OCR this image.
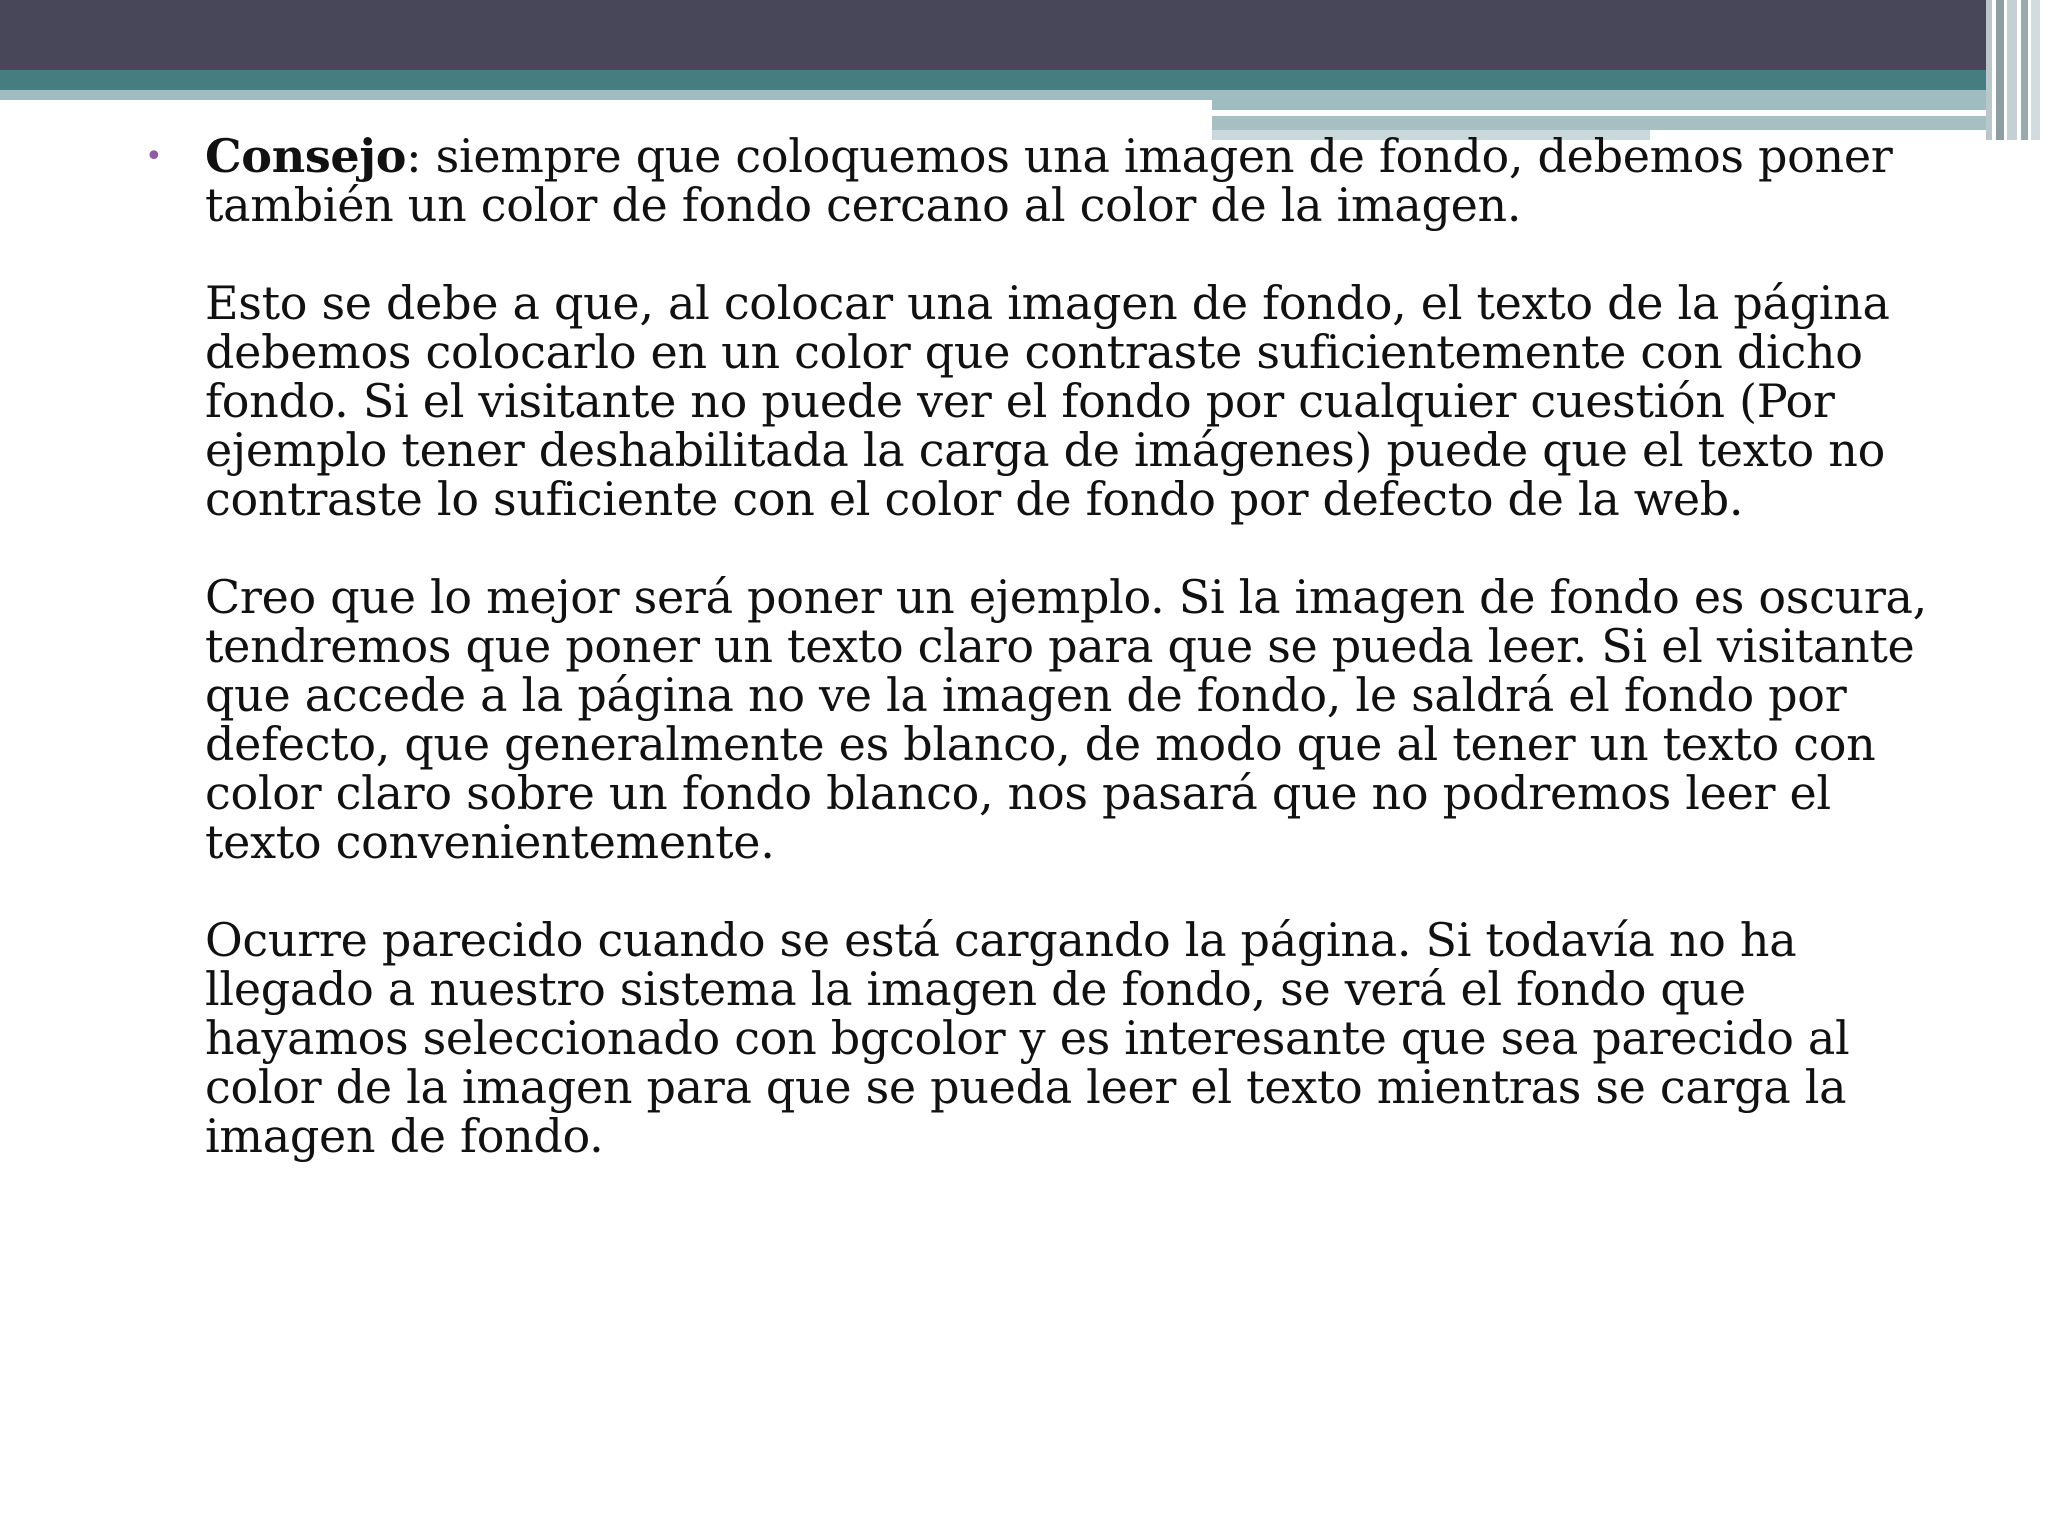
• Consejo: siempre que coloquemos una imagen de fondo, debemos poner también un color de fondo cercano al color de la imagen.

Esto se debe a que, al colocar una imagen de fondo, el texto de la página debemos colocarlo en un color que contraste suficientemente con dicho fondo. Si el visitante no puede ver el fondo por cualquier cuestión (Por ejemplo tener deshabilitada la carga de imágenes) puede que el texto no contraste lo suficiente con el color de fondo por defecto de la web.

Creo que lo mejor será poner un ejemplo. Si la imagen de fondo es oscura, tendremos que poner un texto claro para que se pueda leer. Si el visitante que accede a la página no ve la imagen de fondo, le saldrá el fondo por defecto, que generalmente es blanco, de modo que al tener un texto con color claro sobre un fondo blanco, nos pasará que no podremos leer el texto convenientemente.

Ocurre parecido cuando se está cargando la página. Si todavía no ha llegado a nuestro sistema la imagen de fondo, se verá el fondo que hayamos seleccionado con bgcolor y es interesante que sea parecido al color de la imagen para que se pueda leer el texto mientras se carga la imagen de fondo.
